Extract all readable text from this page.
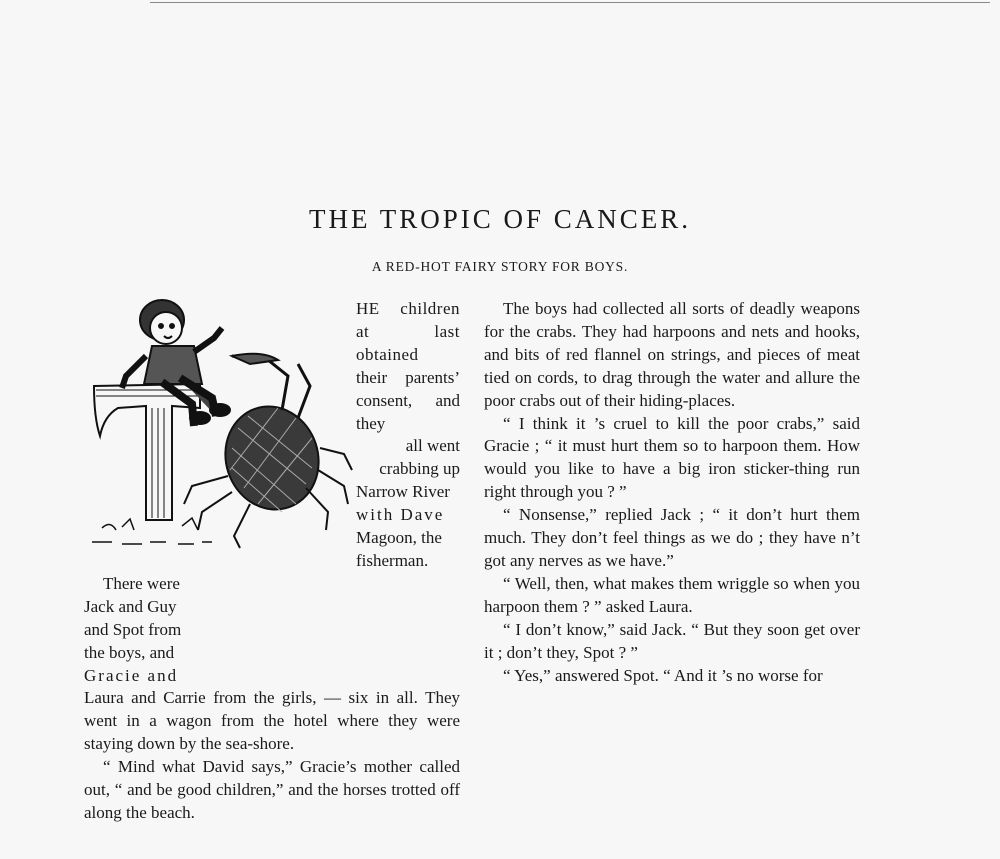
THE TROPIC OF CANCER.
A RED-HOT FAIRY STORY FOR BOYS.

HE children at last obtained

their parents’ consent, and they

all went crabbing up

Narrow River

with Dave

Magoon, the

fisherman.

There were

Jack and Guy

and Spot from

the boys, and

Gracie and

Laura and Carrie from the girls, — six in all. They went in a wagon from the hotel where they were staying down by the sea-shore.

“ Mind what David says,” Gracie’s mother called out, “ and be good children,” and the horses trotted off along the beach.

The boys had collected all sorts of deadly weapons for the crabs. They had harpoons and nets and hooks, and bits of red flannel on strings, and pieces of meat tied on cords, to drag through the water and allure the poor crabs out of their hiding-places.

“ I think it ’s cruel to kill the poor crabs,” said Gracie ; “ it must hurt them so to harpoon them. How would you like to have a big iron sticker-thing run right through you ? ”

“ Nonsense,” replied Jack ; “ it don’t hurt them much. They don’t feel things as we do ; they have n’t got any nerves as we have.”

“ Well, then, what makes them wriggle so when you harpoon them ? ” asked Laura.

“ I don’t know,” said Jack. “ But they soon get over it ; don’t they, Spot ? ”

“ Yes,” answered Spot. “ And it ’s no worse for
